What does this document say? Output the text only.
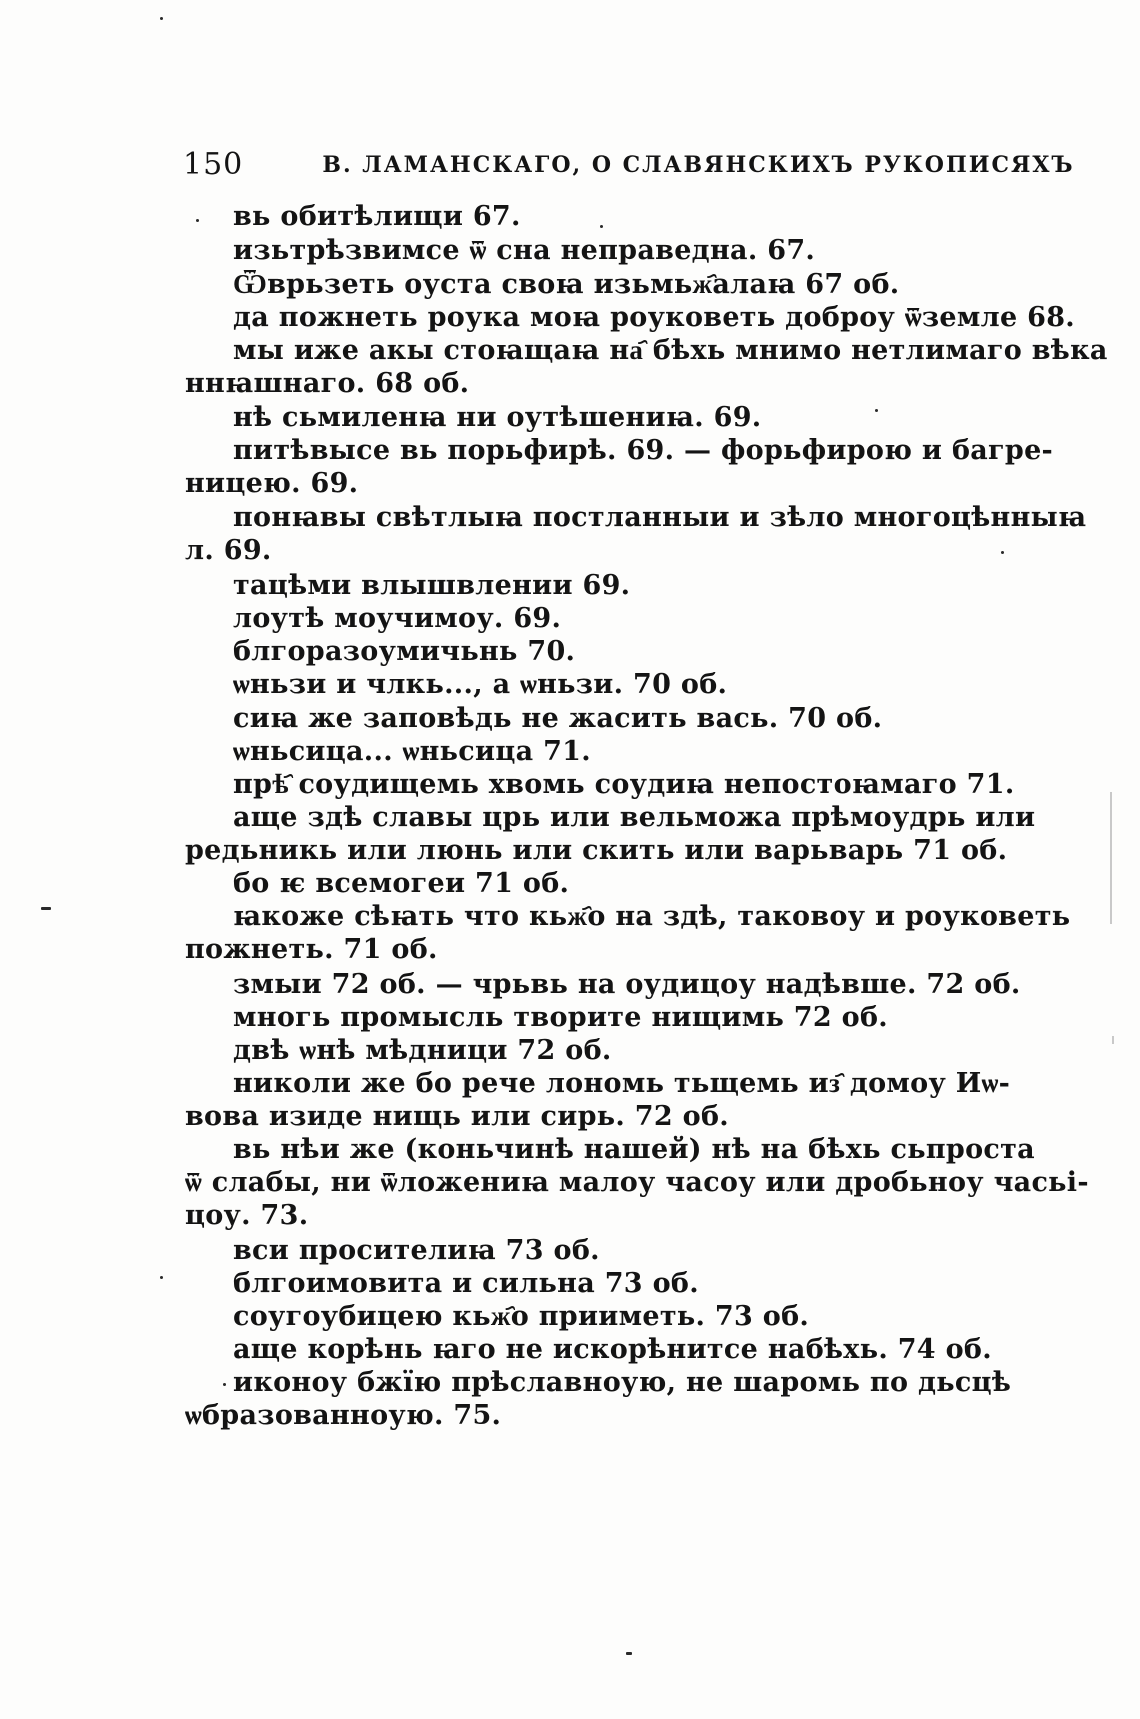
150	В. ЛАМАНСКАГО, О СЛАВЯНСКИХЪ РУКОПИСЯХЪ
вь обитѣлищи 67.
изьтрѣзвимсе ѿ сна неправедна. 67.
Ѿврьзеть оуста своꙗ изьмьж҄алаꙗ 67 об.
да пожнеть роука моꙗ роуковеть доброу ѿземле 68.
мы иже акы стоꙗщаꙗ на҄ бѣхь мнимо нетлимаго вѣка
ннꙗшнаго. 68 об.
нѣ сьмиленꙗ ни оутѣшениꙗ. 69.
питѣвысе вь порьфирѣ. 69. — форьфирою и багре-
ницею. 69.
понꙗвы свѣтлыꙗ постланныи и зѣло многоцѣнныꙗ
л. 69.
тацѣми влышвлении 69.
лоутѣ моучимоу. 69.
блгоразоумичьнь 70.
ѡньзи и члкь..., а ѡньзи. 70 об.
сиꙗ же заповѣдь не жасить вась. 70 об.
ѡньсица... ѡньсица 71.
прѣ҄ соудищемь хвомь соудиꙗ непостоꙗмаго 71.
аще здѣ славы црь или вельможа прѣмоудрь или
редьникь или люнь или скить или варьварь 71 об.
бо ѥ всемогеи 71 об.
ꙗкоже сѣꙗть что кьж҄о на здѣ, таковоу и роуковеть
пожнеть. 71 об.
змыи 72 об. — чрьвь на оудицоу надѣвше. 72 об.
многь промысль творите нищимь 72 об.
двѣ ѡнѣ мѣдници 72 об.
николи же бо рече лономь тьщемь из҄ домоу Иѡ-
вова изиде нищь или сирь. 72 об.
вь нѣи же (коньчинѣ нашей) нѣ на бѣхь сьпроста
ѿ слабы, ни ѿложениꙗ малоу часоу или дробьноу часьі-
цоу. 73.
вси просителиꙗ 73 об.
блгоимовита и сильна 73 об.
соугоубицею кьж҄о прииметь. 73 об.
аще корѣнь ꙗго не искорѣнитсе набѣхь. 74 об.
иконоу бжїю прѣславноую, не шаромь по дьсцѣ
ѡбразованноую. 75.
